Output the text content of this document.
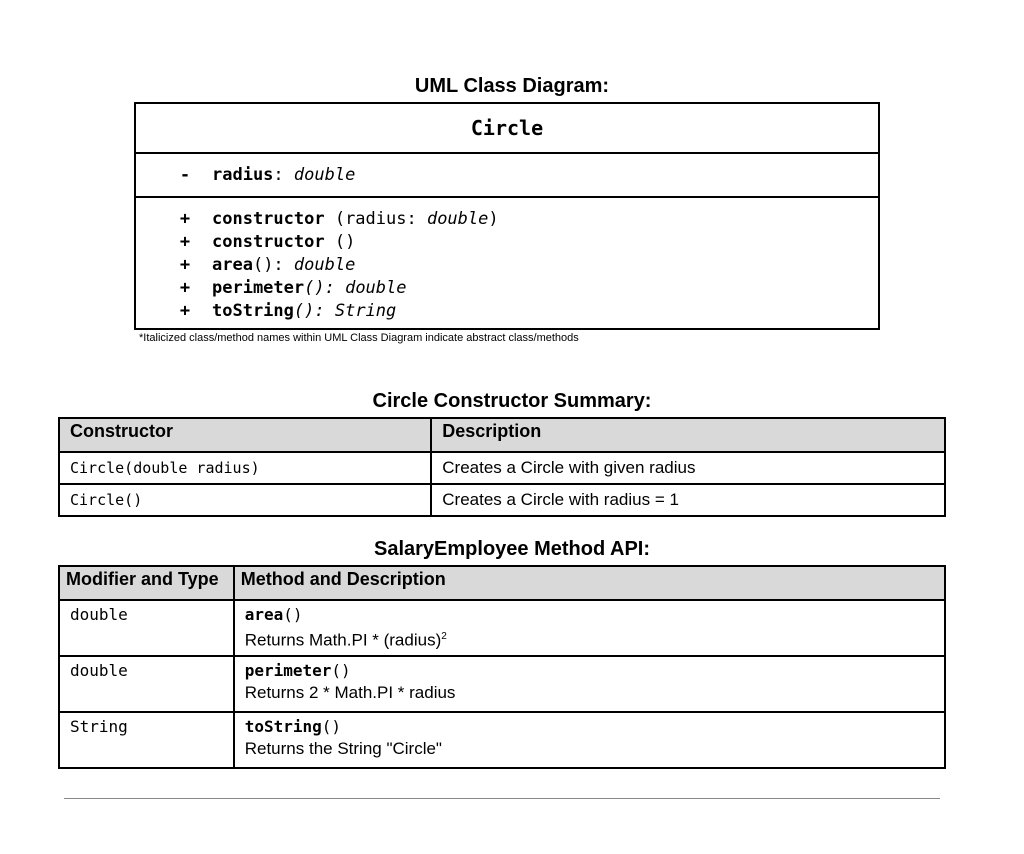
UML Class Diagram:
Circle
- radius: double
+ constructor (radius: double)
+ constructor ()
+ area(): double
+ perimeter(): double
+ toString(): String
*Italicized class/method names within UML Class Diagram indicate abstract class/methods
Circle Constructor Summary:
Constructor	Description
Circle(double radius)	Creates a Circle with given radius
Circle()	Creates a Circle with radius = 1
SalaryEmployee Method API:
Modifier and Type	Method and Description
double	area()
Returns Math.PI * (radius)$^2$

double	perimeter()
Returns 2 * Math.PI * radius

String	toString()
Returns the String "Circle"
